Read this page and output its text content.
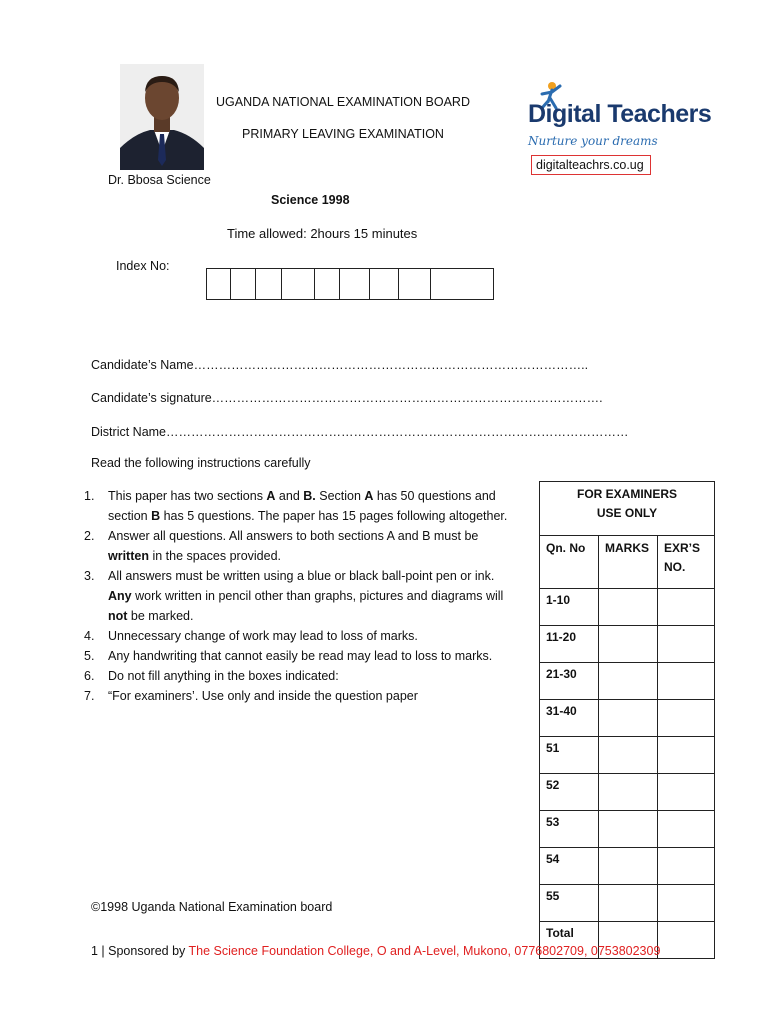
Dr. Bbosa Science
UGANDA NATIONAL EXAMINATION BOARD
PRIMARY LEAVING EXAMINATION
Science 1998
Time allowed: 2hours 15 minutes
Digital Teachers
Nurture your dreams
digitalteachrs.co.ug
Index No:
Candidate’s Name…………………………………………………………………………………..
Candidate’s signature………………………………………………………………………………….
District Name…………………………………………………………………………………………………
Read the following instructions carefully
1. This paper has two sections A and B. Section A has 50 questions and section B has 5 questions. The paper has 15 pages following altogether.
2. Answer all questions. All answers to both sections A and B must be written in the spaces provided.
3. All answers must be written using a blue or black ball-point pen or ink. Any work written in pencil other than graphs, pictures and diagrams will not be marked.
4. Unnecessary change of work may lead to loss of marks.
5. Any handwriting that cannot easily be read may lead to loss to marks.
6. Do not fill anything in the boxes indicated:
7. “For examiners’. Use only and inside the question paper
FOR EXAMINERS
USE ONLY		
Qn. No	MARKS	EXR’S NO.
1-10		
11-20		
21-30		
31-40		
51		
52		
53		
54		
55		
Total		
©1998 Uganda National Examination board
1 | Sponsored by The Science Foundation College, O and A-Level, Mukono, 0776802709, 0753802309
